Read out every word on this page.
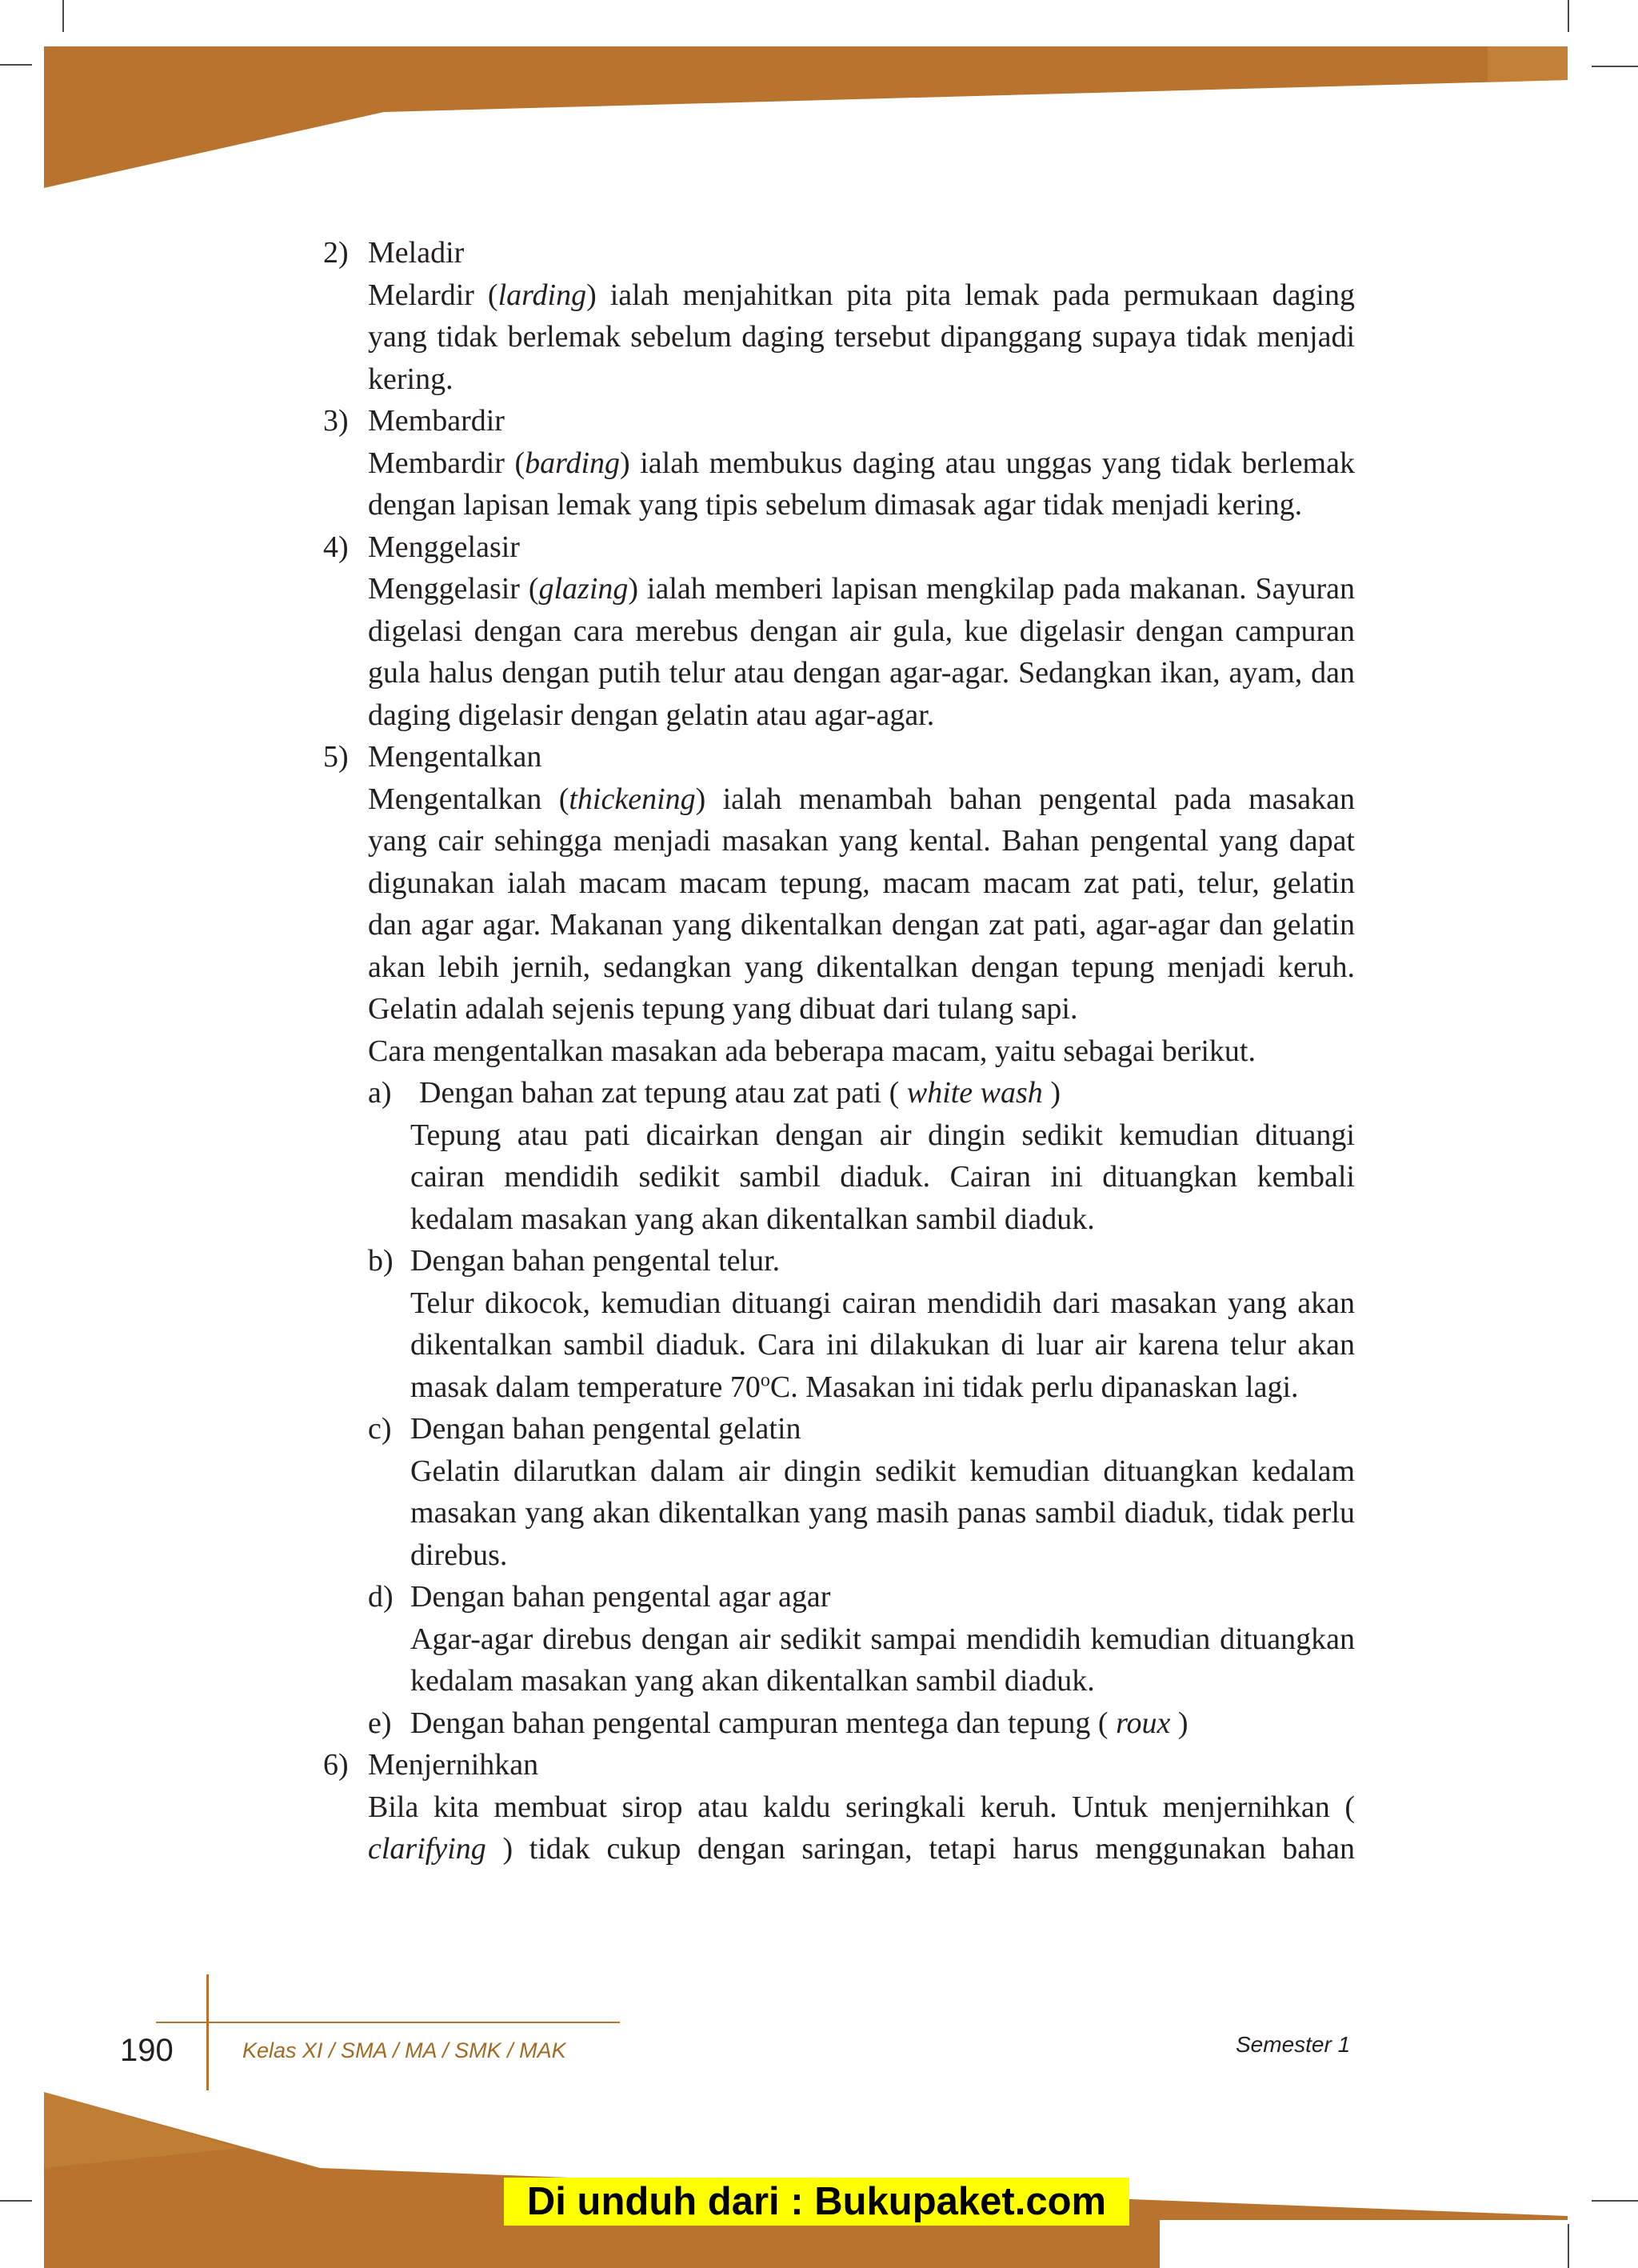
2) Meladir
Melardir (larding) ialah menjahitkan pita pita lemak pada permukaan daging yang tidak berlemak sebelum daging tersebut dipanggang supaya tidak menjadi kering.
3) Membardir
Membardir (barding) ialah membukus daging atau unggas yang tidak berlemak dengan lapisan lemak yang tipis sebelum dimasak agar tidak menjadi kering.
4) Menggelasir
Menggelasir (glazing) ialah memberi lapisan mengkilap pada makanan. Sayuran digelasi dengan cara merebus dengan air gula, kue digelasir dengan campuran gula halus dengan putih telur atau dengan agar-agar. Sedangkan ikan, ayam, dan daging digelasir dengan gelatin atau agar-agar.
5) Mengentalkan
Mengentalkan (thickening) ialah menambah bahan pengental pada masakan yang cair sehingga menjadi masakan yang kental. Bahan pengental yang dapat digunakan ialah macam macam tepung, macam macam zat pati, telur, gelatin dan agar agar. Makanan yang dikentalkan dengan zat pati, agar-agar dan gelatin akan lebih jernih, sedangkan yang dikentalkan dengan tepung menjadi keruh. Gelatin adalah sejenis tepung yang dibuat dari tulang sapi.
Cara mengentalkan masakan ada beberapa macam, yaitu sebagai berikut.
a) Dengan bahan zat tepung atau zat pati ( white wash )
Tepung atau pati dicairkan dengan air dingin sedikit kemudian dituangi cairan mendidih sedikit sambil diaduk. Cairan ini dituangkan kembali kedalam masakan yang akan dikentalkan sambil diaduk.
b) Dengan bahan pengental telur.
Telur dikocok, kemudian dituangi cairan mendidih dari masakan yang akan dikentalkan sambil diaduk. Cara ini dilakukan di luar air karena telur akan masak dalam temperature 70$^o$C. Masakan ini tidak perlu dipanaskan lagi.
c) Dengan bahan pengental gelatin
Gelatin dilarutkan dalam air dingin sedikit kemudian dituangkan kedalam masakan yang akan dikentalkan yang masih panas sambil diaduk, tidak perlu direbus.
d) Dengan bahan pengental agar agar
Agar-agar direbus dengan air sedikit sampai mendidih kemudian dituangkan kedalam masakan yang akan dikentalkan sambil diaduk.
e) Dengan bahan pengental campuran mentega dan tepung ( roux )
6) Menjernihkan
Bila kita membuat sirop atau kaldu seringkali keruh. Untuk menjernihkan ( clarifying ) tidak cukup dengan saringan, tetapi harus menggunakan bahan
190	Kelas XI / SMA / MA / SMK / MAK	Semester 1
Di unduh dari : Bukupaket.com
